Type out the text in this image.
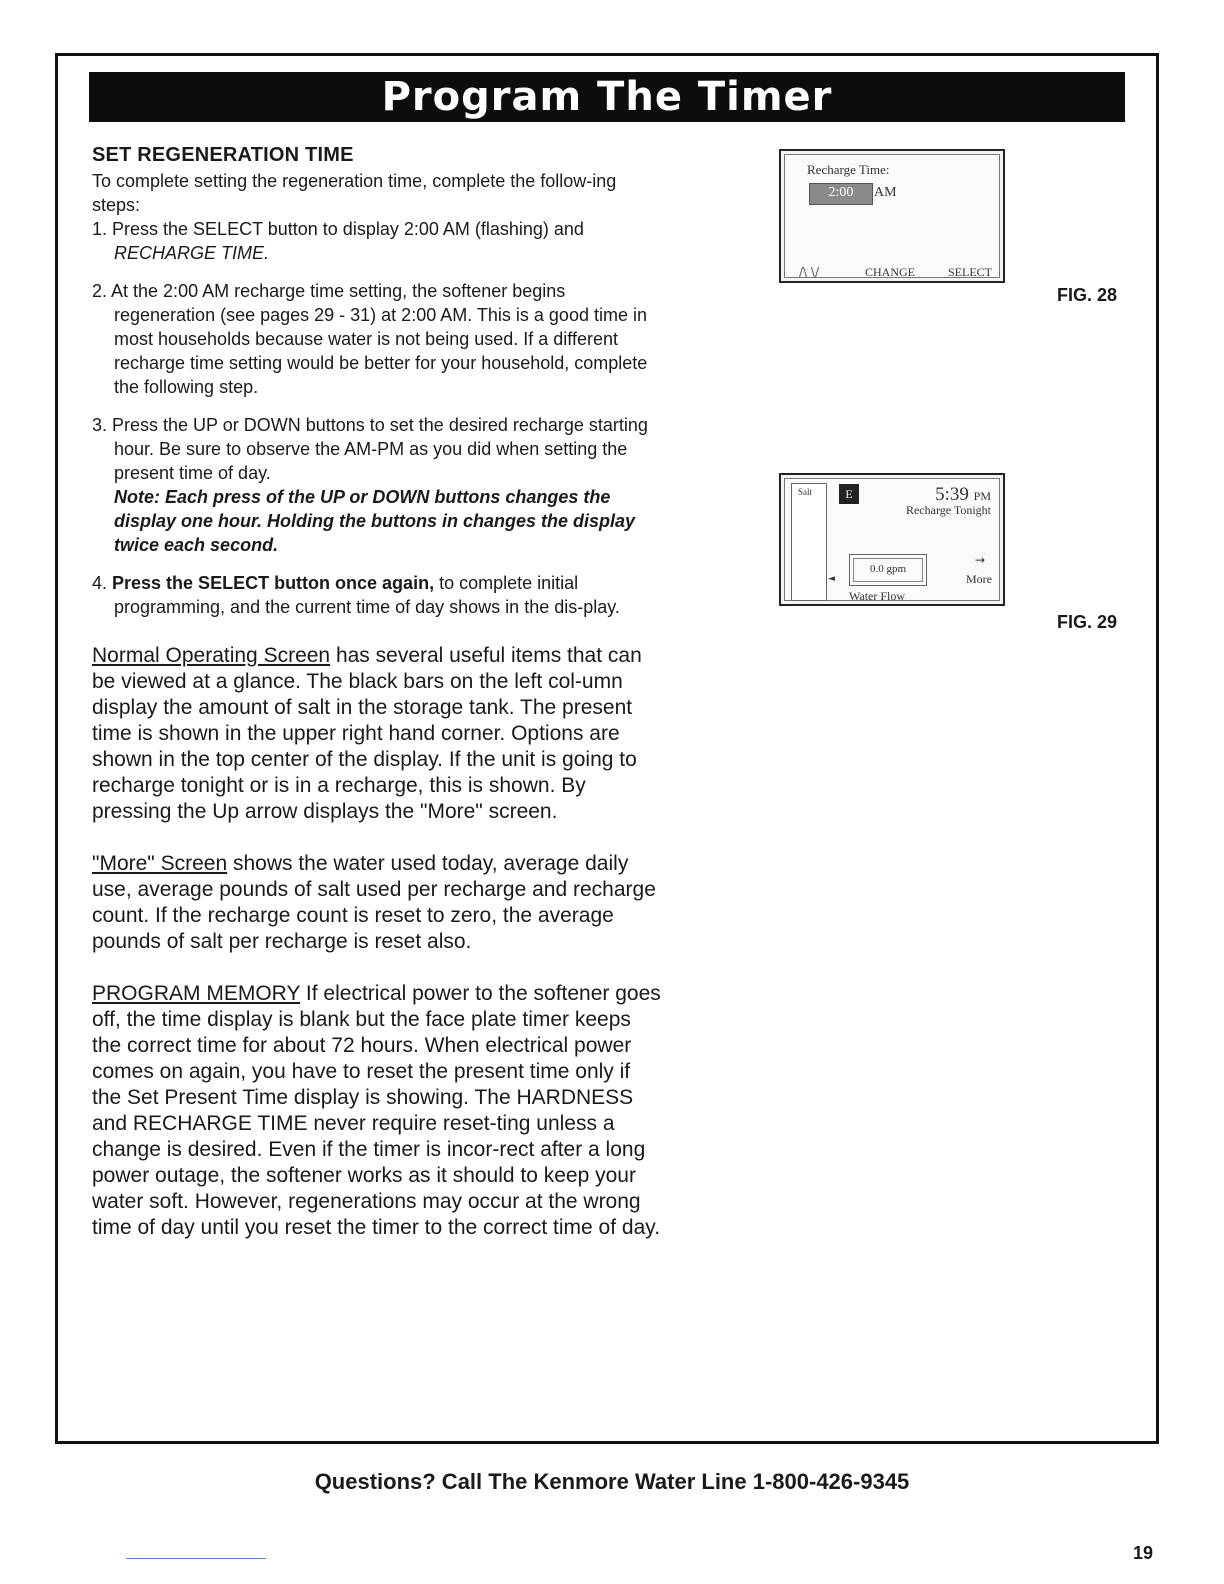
Program The Timer

SET REGENERATION TIME

To complete setting the regeneration time, complete the follow-ing steps:

1. Press the SELECT button to display 2:00 AM (flashing) and RECHARGE TIME.

2. At the 2:00 AM recharge time setting, the softener begins regeneration (see pages 29 - 31) at 2:00 AM. This is a good time in most households because water is not being used. If a different recharge time setting would be better for your household, complete the following step.

3. Press the UP or DOWN buttons to set the desired recharge starting hour. Be sure to observe the AM-PM as you did when setting the present time of day.
Note: Each press of the UP or DOWN buttons changes the display one hour. Holding the buttons in changes the display twice each second.

4. Press the SELECT button once again, to complete initial programming, and the current time of day shows in the dis-play.

Normal Operating Screen has several useful items that can be viewed at a glance. The black bars on the left col-umn display the amount of salt in the storage tank. The present time is shown in the upper right hand corner. Options are shown in the top center of the display. If the unit is going to recharge tonight or is in a recharge, this is shown. By pressing the Up arrow displays the "More" screen.

"More" Screen shows the water used today, average daily use, average pounds of salt used per recharge and recharge count. If the recharge count is reset to zero, the average pounds of salt per recharge is reset also.

PROGRAM MEMORY If electrical power to the softener goes off, the time display is blank but the face plate timer keeps the correct time for about 72 hours. When electrical power comes on again, you have to reset the present time only if the Set Present Time display is showing. The HARDNESS and RECHARGE TIME never require reset-ting unless a change is desired. Even if the timer is incor-rect after a long power outage, the softener works as it should to keep your water soft. However, regenerations may occur at the wrong time of day until you reset the timer to the correct time of day.

Recharge Time:
2:00	AM
/\ \/	CHANGE	SELECT
FIG. 28
Salt	E	5:39 PM
Recharge Tonight
◄
0.0 gpm
Water Flow
→
More
FIG. 29
Questions? Call The Kenmore Water Line 1-800-426-9345
19
